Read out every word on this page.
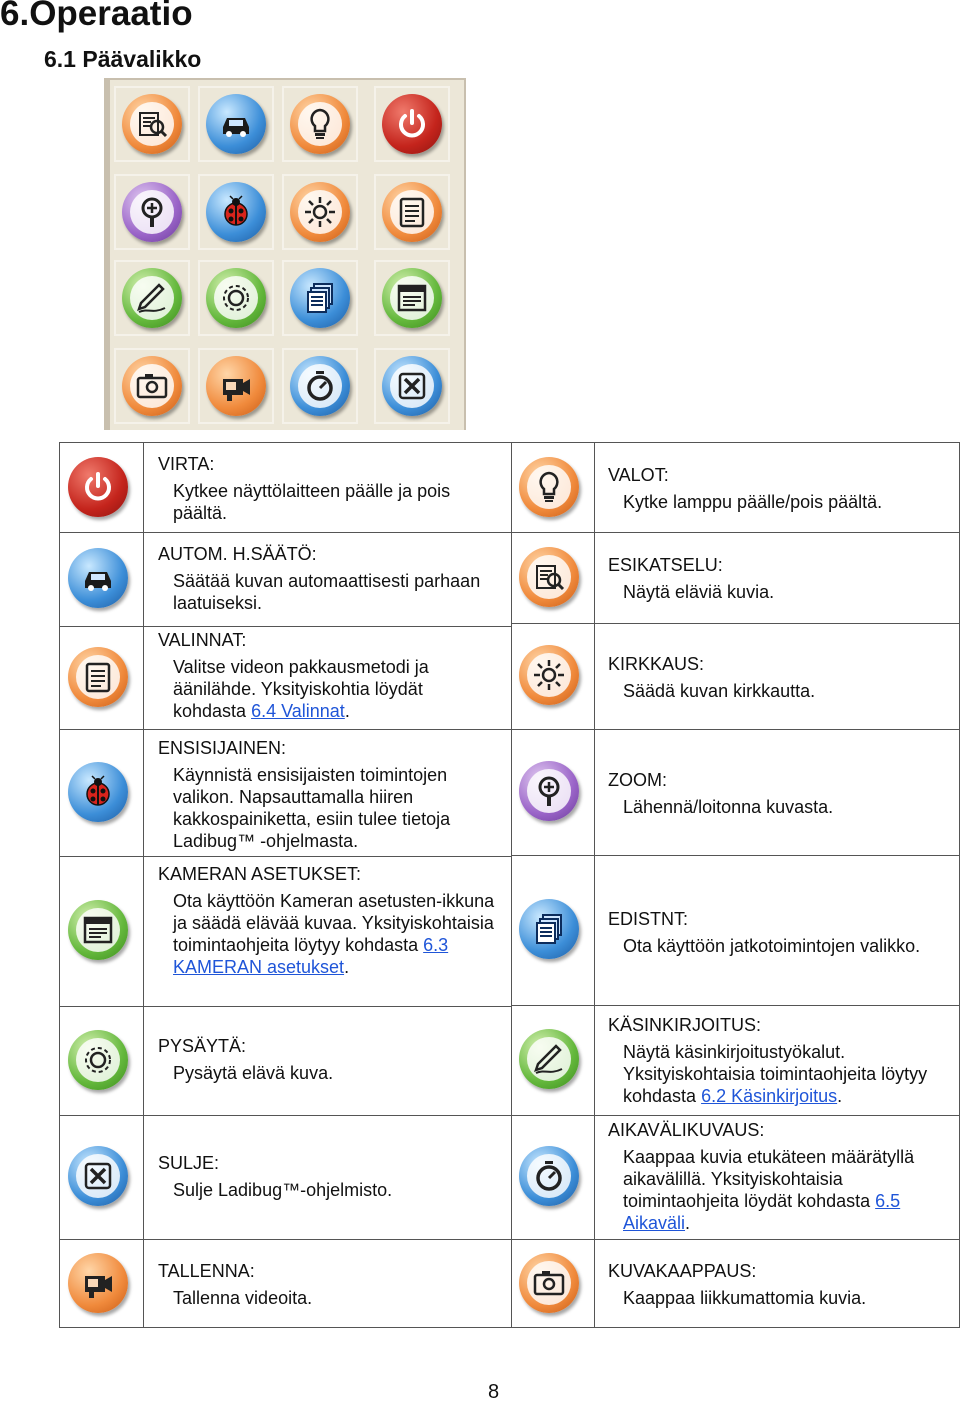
6.Operaatio
6.1 Päävalikko
VIRTA:
Kytkee näyttölaitteen päälle ja pois päältä.
AUTOM. H.SÄÄTÖ:
Säätää kuvan automaattisesti parhaan laatuiseksi.
VALINNAT:
Valitse videon pakkausmetodi ja äänilähde. Yksityiskohtia löydät kohdasta 6.4 Valinnat.
ENSISIJAINEN:
Käynnistä ensisijaisten toimintojen valikon. Napsauttamalla hiiren kakkospainiketta, esiin tulee tietoja Ladibug™ -ohjelmasta.
KAMERAN ASETUKSET:
Ota käyttöön Kameran asetusten-ikkuna ja säädä elävää kuvaa. Yksityiskohtaisia toimintaohjeita löytyy kohdasta 6.3 KAMERAN asetukset.
PYSÄYTÄ:
Pysäytä elävä kuva.
SULJE:
Sulje Ladibug™-ohjelmisto.
TALLENNA:
Tallenna videoita.
VALOT:
Kytke lamppu päälle/pois päältä.
ESIKATSELU:
Näytä eläviä kuvia.
KIRKKAUS:
Säädä kuvan kirkkautta.
ZOOM:
Lähennä/loitonna kuvasta.
EDISTNT:
Ota käyttöön jatkotoimintojen valikko.
KÄSINKIRJOITUS:
Näytä käsinkirjoitustyökalut. Yksityiskohtaisia toimintaohjeita löytyy kohdasta 6.2 Käsinkirjoitus.
AIKAVÄLIKUVAUS:
Kaappaa kuvia etukäteen määrätyllä aikavälillä. Yksityiskohtaisia toimintaohjeita löydät kohdasta 6.5 Aikaväli.
KUVAKAAPPAUS:
Kaappaa liikkumattomia kuvia.
8
